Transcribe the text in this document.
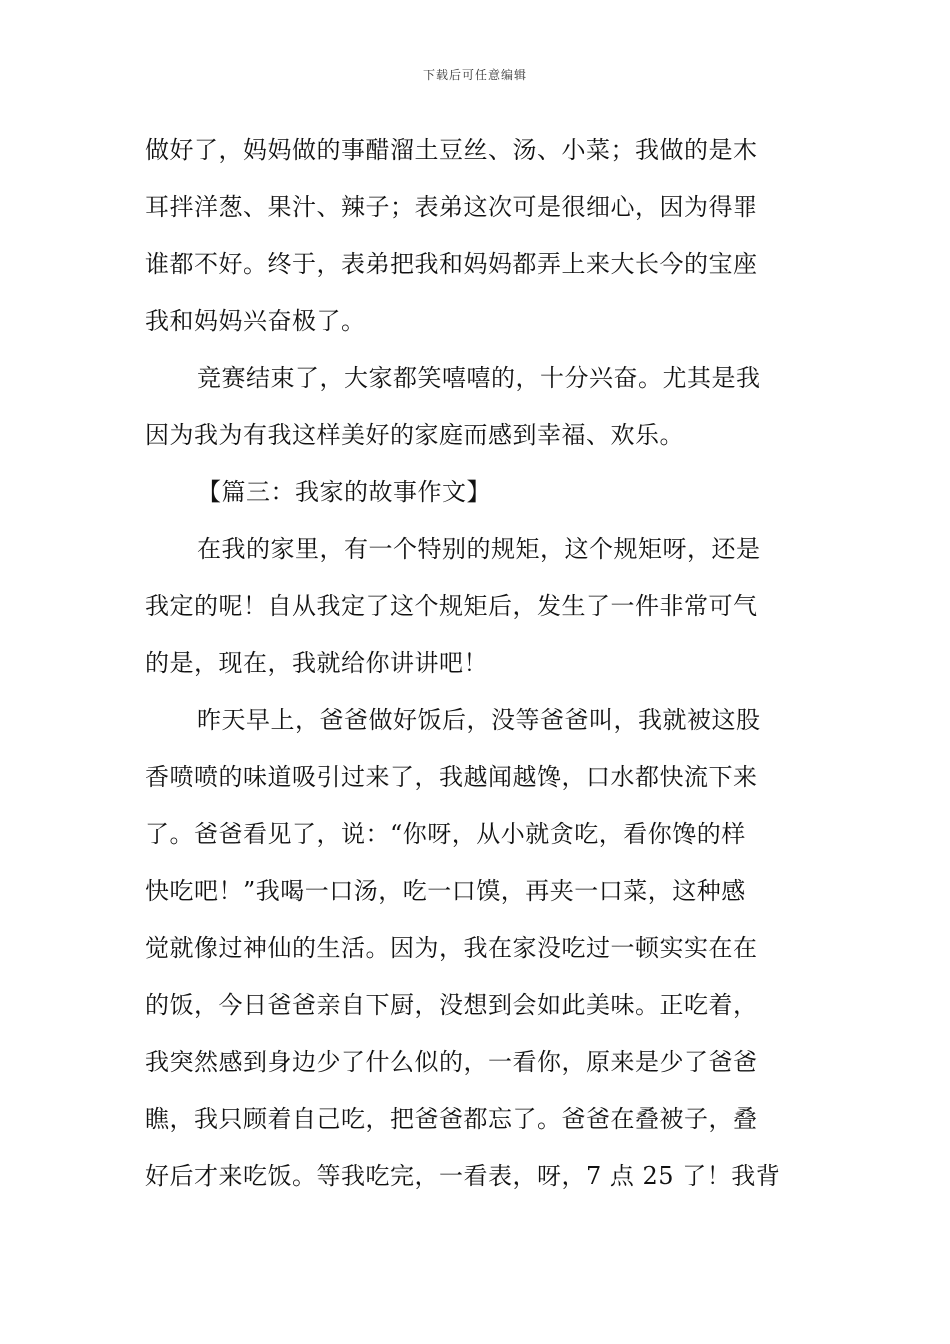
下载后可任意编辑
做好了，妈妈做的事醋溜土豆丝、汤、小菜；我做的是木
耳拌洋葱、果汁、辣子；表弟这次可是很细心，因为得罪
谁都不好。终于，表弟把我和妈妈都弄上来大长今的宝座
我和妈妈兴奋极了。
竞赛结束了，大家都笑嘻嘻的，十分兴奋。尤其是我
因为我为有我这样美好的家庭而感到幸福、欢乐。
【篇三：我家的故事作文】
在我的家里，有一个特别的规矩，这个规矩呀，还是
我定的呢！自从我定了这个规矩后，发生了一件非常可气
的是，现在，我就给你讲讲吧！
昨天早上，爸爸做好饭后，没等爸爸叫，我就被这股
香喷喷的味道吸引过来了，我越闻越馋，口水都快流下来
了。爸爸看见了，说：“你呀，从小就贪吃，看你馋的样
快吃吧！”我喝一口汤，吃一口馍，再夹一口菜，这种感
觉就像过神仙的生活。因为，我在家没吃过一顿实实在在
的饭，今日爸爸亲自下厨，没想到会如此美味。正吃着，
我突然感到身边少了什么似的，一看你，原来是少了爸爸
瞧，我只顾着自己吃，把爸爸都忘了。爸爸在叠被子，叠
好后才来吃饭。等我吃完，一看表，呀，7 点 25 了！我背
